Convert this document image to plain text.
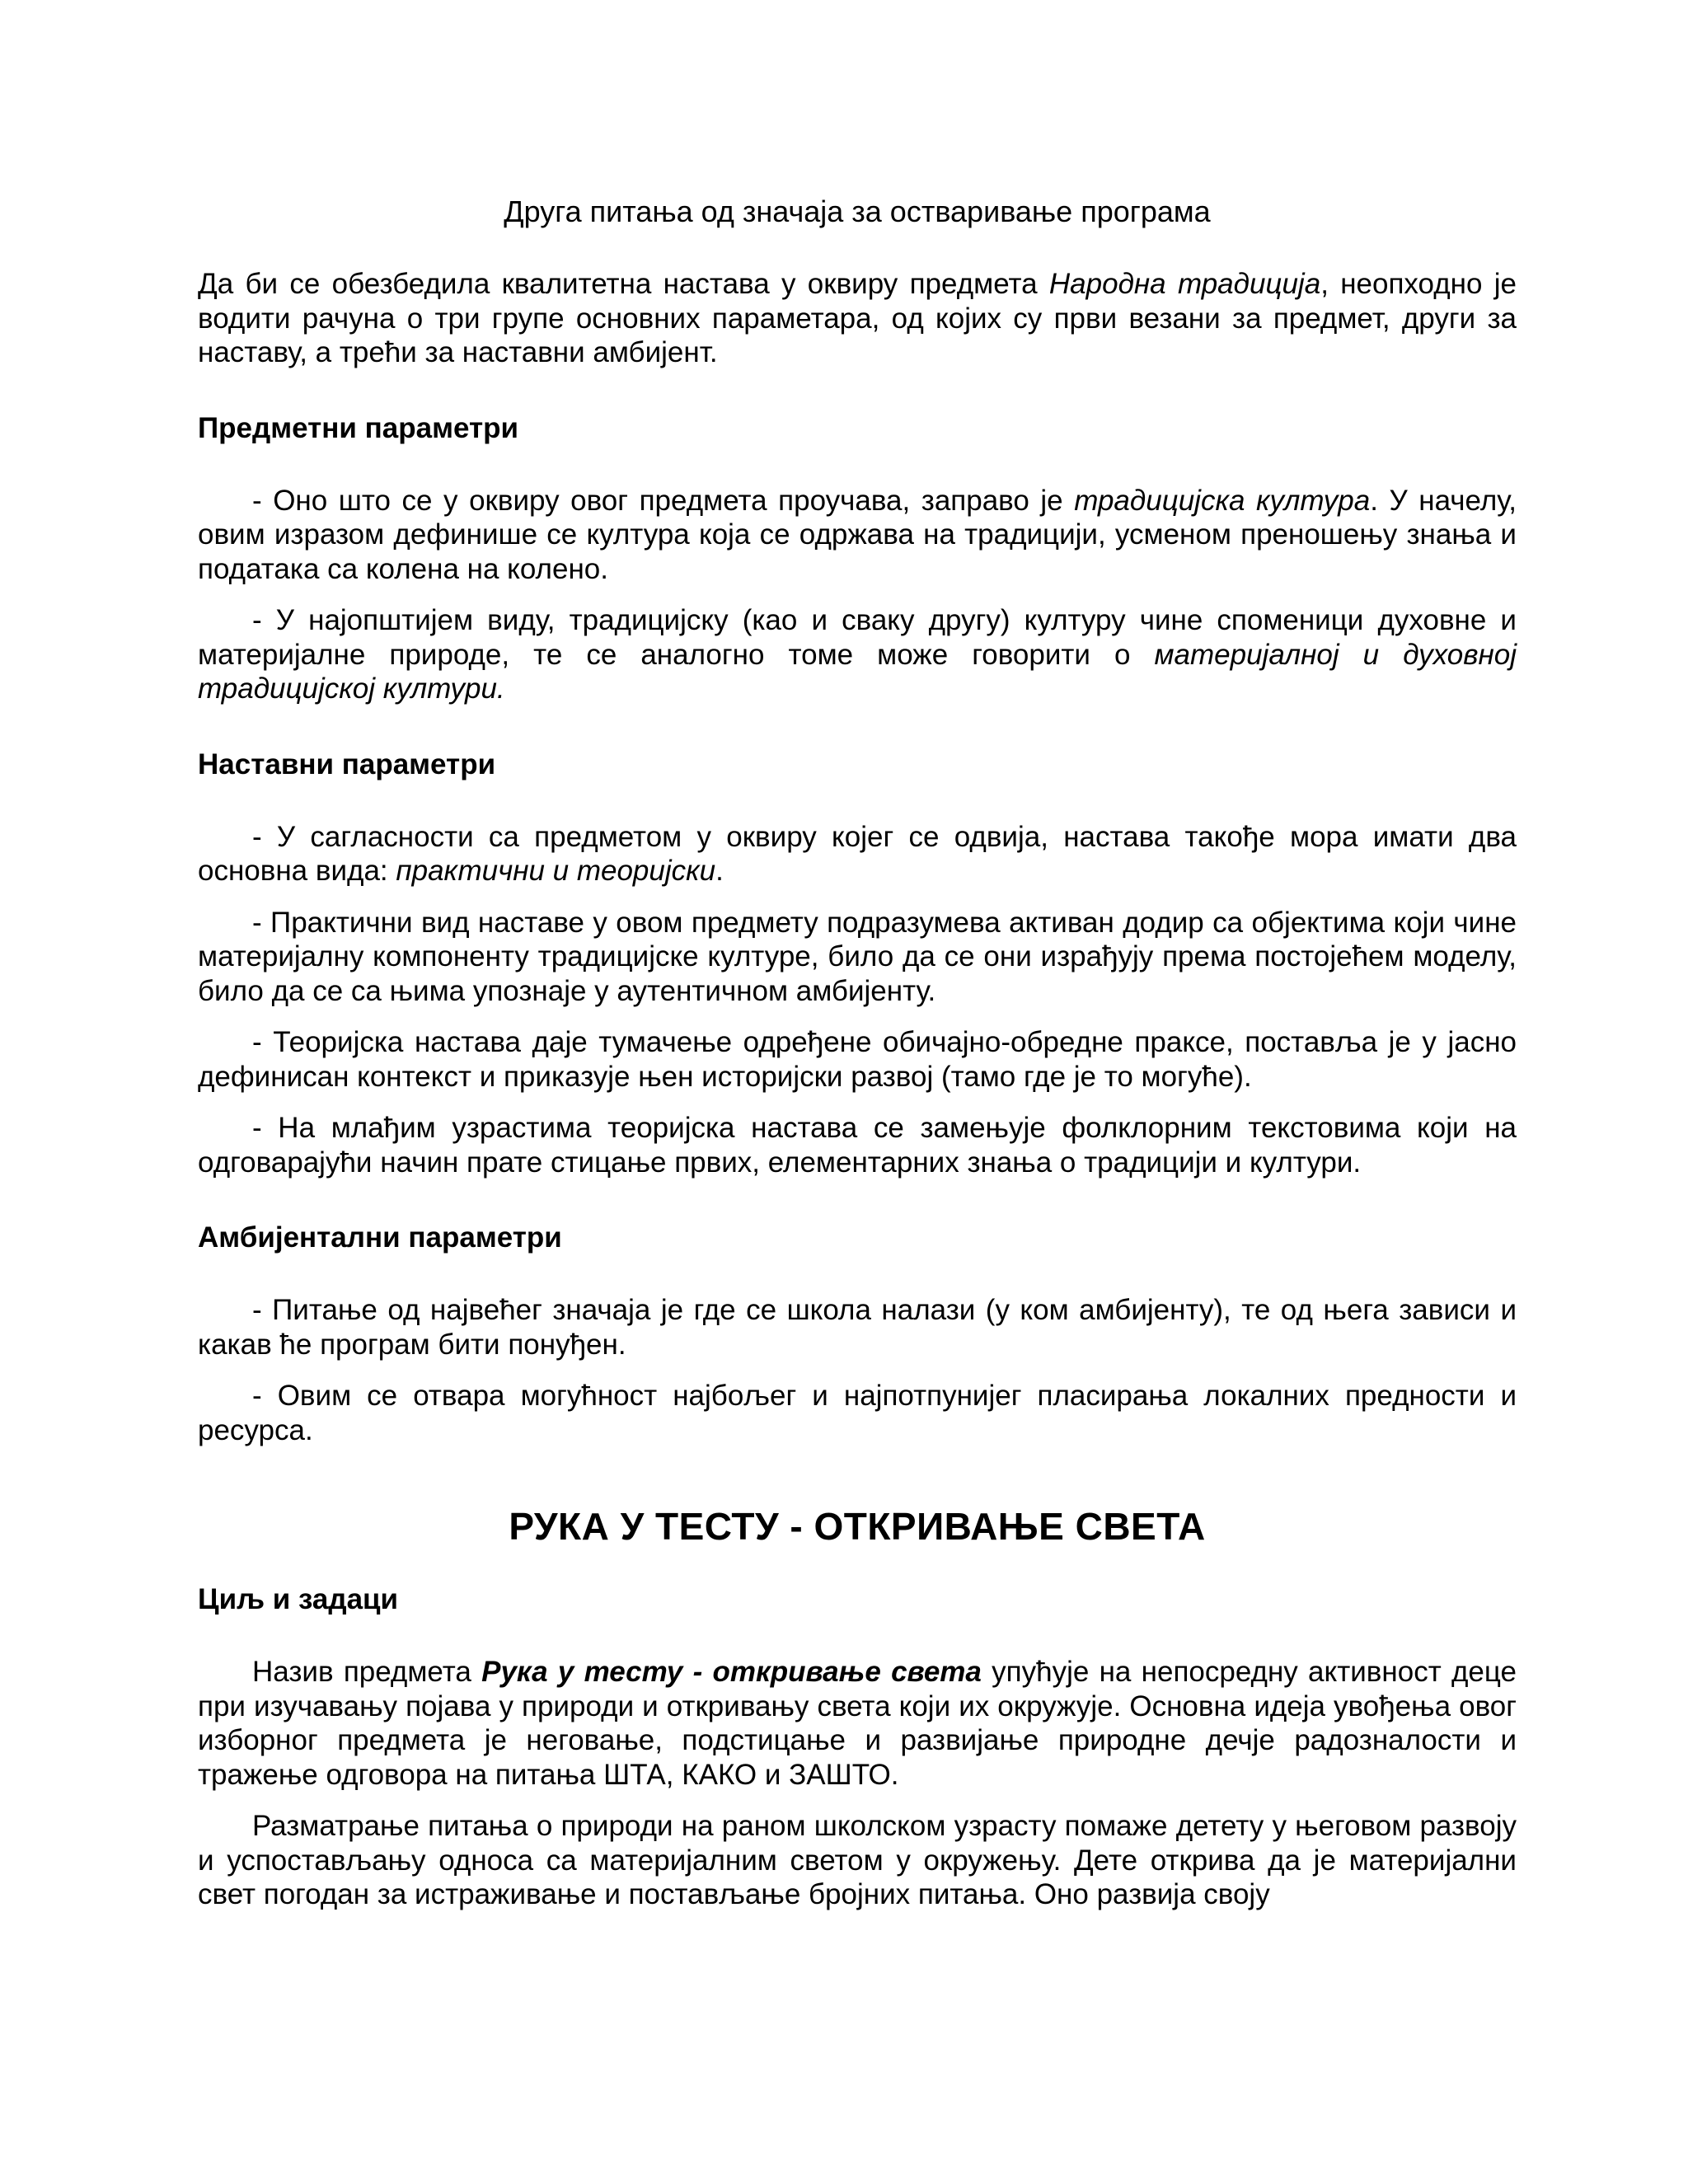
Друга питања од значаја за остваривање програма

Да би се обезбедила квалитетна настава у оквиру предмета Народна традиција, неопходно је водити рачуна о три групе основних параметара, од којих су први везани за предмет, други за наставу, а трећи за наставни амбијент.

Предметни параметри

- Оно што се у оквиру овог предмета проучава, заправо је традицијска култура. У начелу, овим изразом дефинише се култура која се одржава на традицији, усменом преношењу знања и података са колена на колено.

- У најопштијем виду, традицијску (као и сваку другу) културу чине споменици духовне и материјалне природе, те се аналогно томе може говорити о материјалној и духовној традицијској култури.

Наставни параметри

- У сагласности са предметом у оквиру којег се одвија, настава такође мора имати два основна вида: практични и теоријски.

- Практични вид наставе у овом предмету подразумева активан додир са објектима који чине материјалну компоненту традицијске културе, било да се они израђују према постојећем моделу, било да се са њима упознаје у аутентичном амбијенту.

- Теоријска настава даје тумачење одређене обичајно-обредне праксе, поставља је у јасно дефинисан контекст и приказује њен историјски развој (тамо где је то могуће).

- На млађим узрастима теоријска настава се замењује фолклорним текстовима који на одговарајући начин прате стицање првих, елементарних знања о традицији и култури.

Амбијентални параметри

- Питање од највећег значаја је где се школа налази (у ком амбијенту), те од њега зависи и какав ће програм бити понуђен.

- Овим се отвара могућност најбољег и најпотпунијег пласирања локалних предности и ресурса.

РУКА У ТЕСТУ - ОТКРИВАЊЕ СВЕТА
Циљ и задаци

Назив предмета Рука у тесту - откривање света упућује на непосредну активност деце при изучавању појава у природи и откривању света који их окружује. Основна идеја увођења овог изборног предмета је неговање, подстицање и развијање природне дечје радозналости и тражење одговора на питања ШТА, КАКО и ЗАШТО.

Разматрање питања о природи на раном школском узрасту помаже детету у његовом развоју и успостављању односа са материјалним светом у окружењу. Дете открива да је материјални свет погодан за истраживање и постављање бројних питања. Оно развија своју
